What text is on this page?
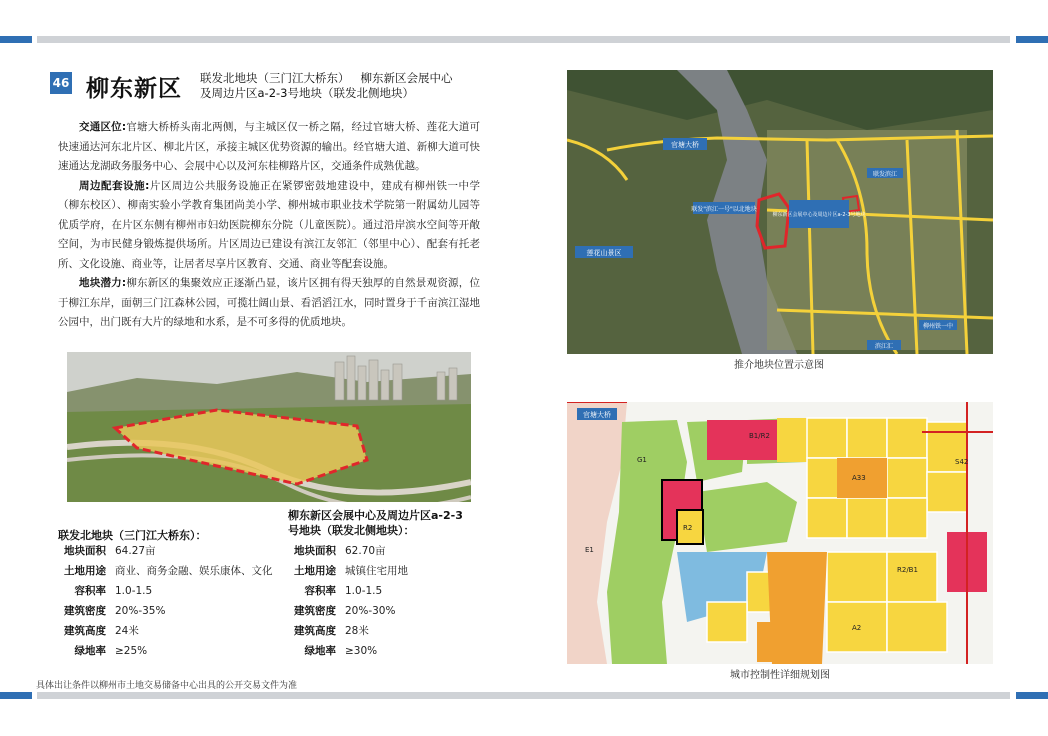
46 柳东新区 联发北地块（三门江大桥东）   柳东新区会展中心
及周边片区a-2-3号地块（联发北侧地块）

交通区位:官塘大桥桥头南北两侧，与主城区仅一桥之隔，经过官塘大桥、莲花大道可快速通达河东北片区、柳北片区，承接主城区优势资源的输出。经官塘大道、新柳大道可快速通达龙湖政务服务中心、会展中心以及河东桂柳路片区，交通条件成熟优越。

周边配套设施:片区周边公共服务设施正在紧锣密鼓地建设中，建成有柳州铁一中学（柳东校区）、柳南实验小学教育集团尚美小学、柳州城市职业技术学院第一附属幼儿园等优质学府，在片区东侧有柳州市妇幼医院柳东分院（儿童医院）。通过沿岸滨水空间等开敞空间，为市民健身锻炼提供场所。片区周边已建设有滨江友邻汇（邻里中心）、配套有托老所、文化设施、商业等，让居者尽享片区教育、交通、商业等配套设施。

地块潜力:柳东新区的集聚效应正逐渐凸显，该片区拥有得天独厚的自然景观资源，位于柳江东岸，面朝三门江森林公园，可揽壮阔山景、看滔滔江水，同时置身于千亩滨江湿地公园中，出门既有大片的绿地和水系，是不可多得的优质地块。

联发北地块（三门江大桥东）：
地块面积 64.27亩
土地用途 商业、商务金融、娱乐康体、文化
容积率 1.0-1.5
建筑密度 20%-35%
建筑高度 24米
绿地率 ≥25%
柳东新区会展中心及周边片区a-2-3
号地块（联发北侧地块）：
地块面积 62.70亩
土地用途 城镇住宅用地
容积率 1.0-1.5
建筑密度 20%-30%
建筑高度 28米
绿地率 ≥30%
具体出让条件以柳州市土地交易储备中心出具的公开交易文件为准
官塘大桥
莲花山景区
联发"滨江一号"以北地块
柳东新区会展中心及周边片区a-2-3号地块
联发滨江
柳州铁一中
滨江汇
推介地块位置示意图
官塘大桥
G1
R2
B1/R2
A33
R2/B1
E1
A2
S42
城市控制性详细规划图
